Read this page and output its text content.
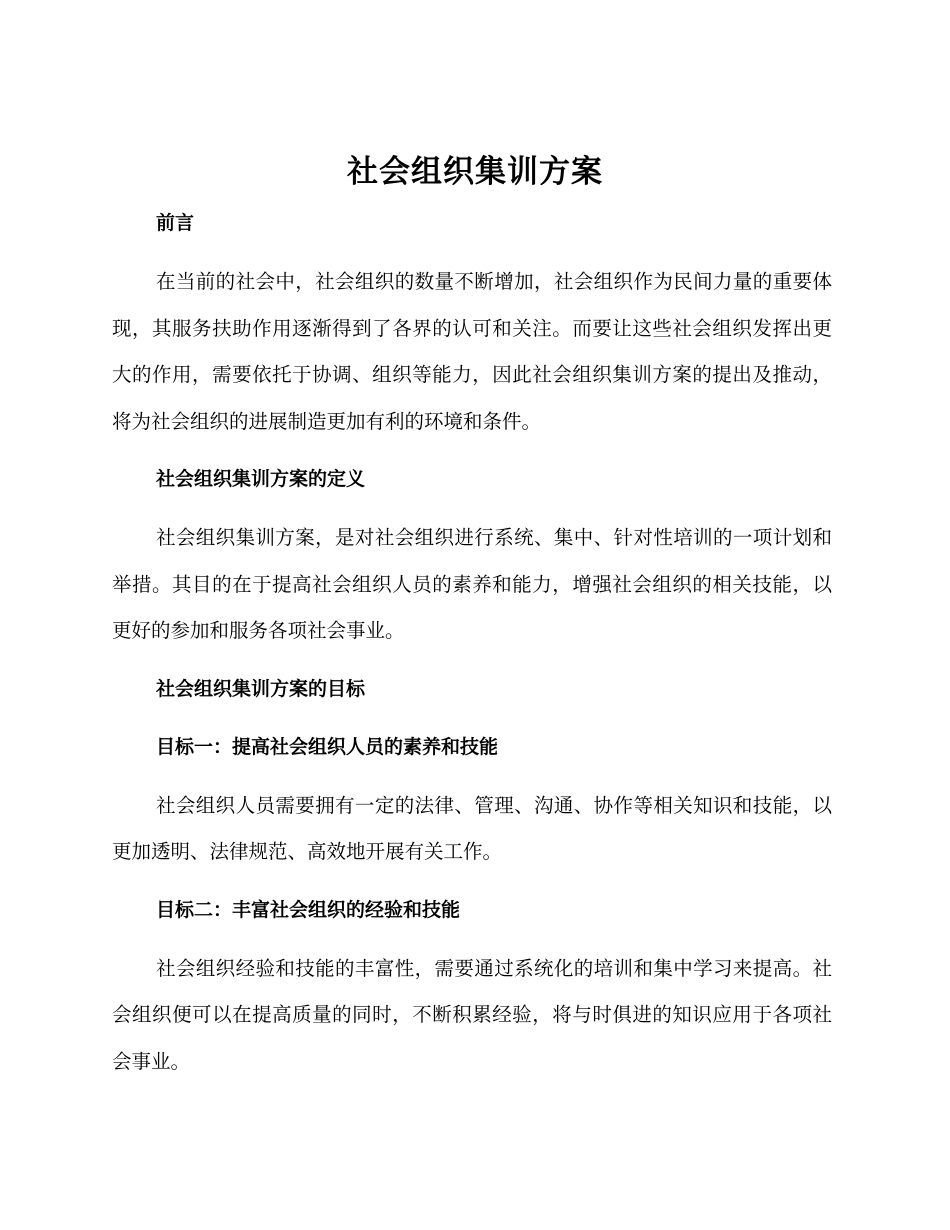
社会组织集训方案
前言

在当前的社会中，社会组织的数量不断增加，社会组织作为民间力量的重要体现，其服务扶助作用逐渐得到了各界的认可和关注。而要让这些社会组织发挥出更大的作用，需要依托于协调、组织等能力，因此社会组织集训方案的提出及推动，将为社会组织的进展制造更加有利的环境和条件。

社会组织集训方案的定义

社会组织集训方案，是对社会组织进行系统、集中、针对性培训的一项计划和举措。其目的在于提高社会组织人员的素养和能力，增强社会组织的相关技能，以更好的参加和服务各项社会事业。

社会组织集训方案的目标
目标一：提高社会组织人员的素养和技能

社会组织人员需要拥有一定的法律、管理、沟通、协作等相关知识和技能，以更加透明、法律规范、高效地开展有关工作。

目标二：丰富社会组织的经验和技能

社会组织经验和技能的丰富性，需要通过系统化的培训和集中学习来提高。社会组织便可以在提高质量的同时，不断积累经验，将与时俱进的知识应用于各项社会事业。
